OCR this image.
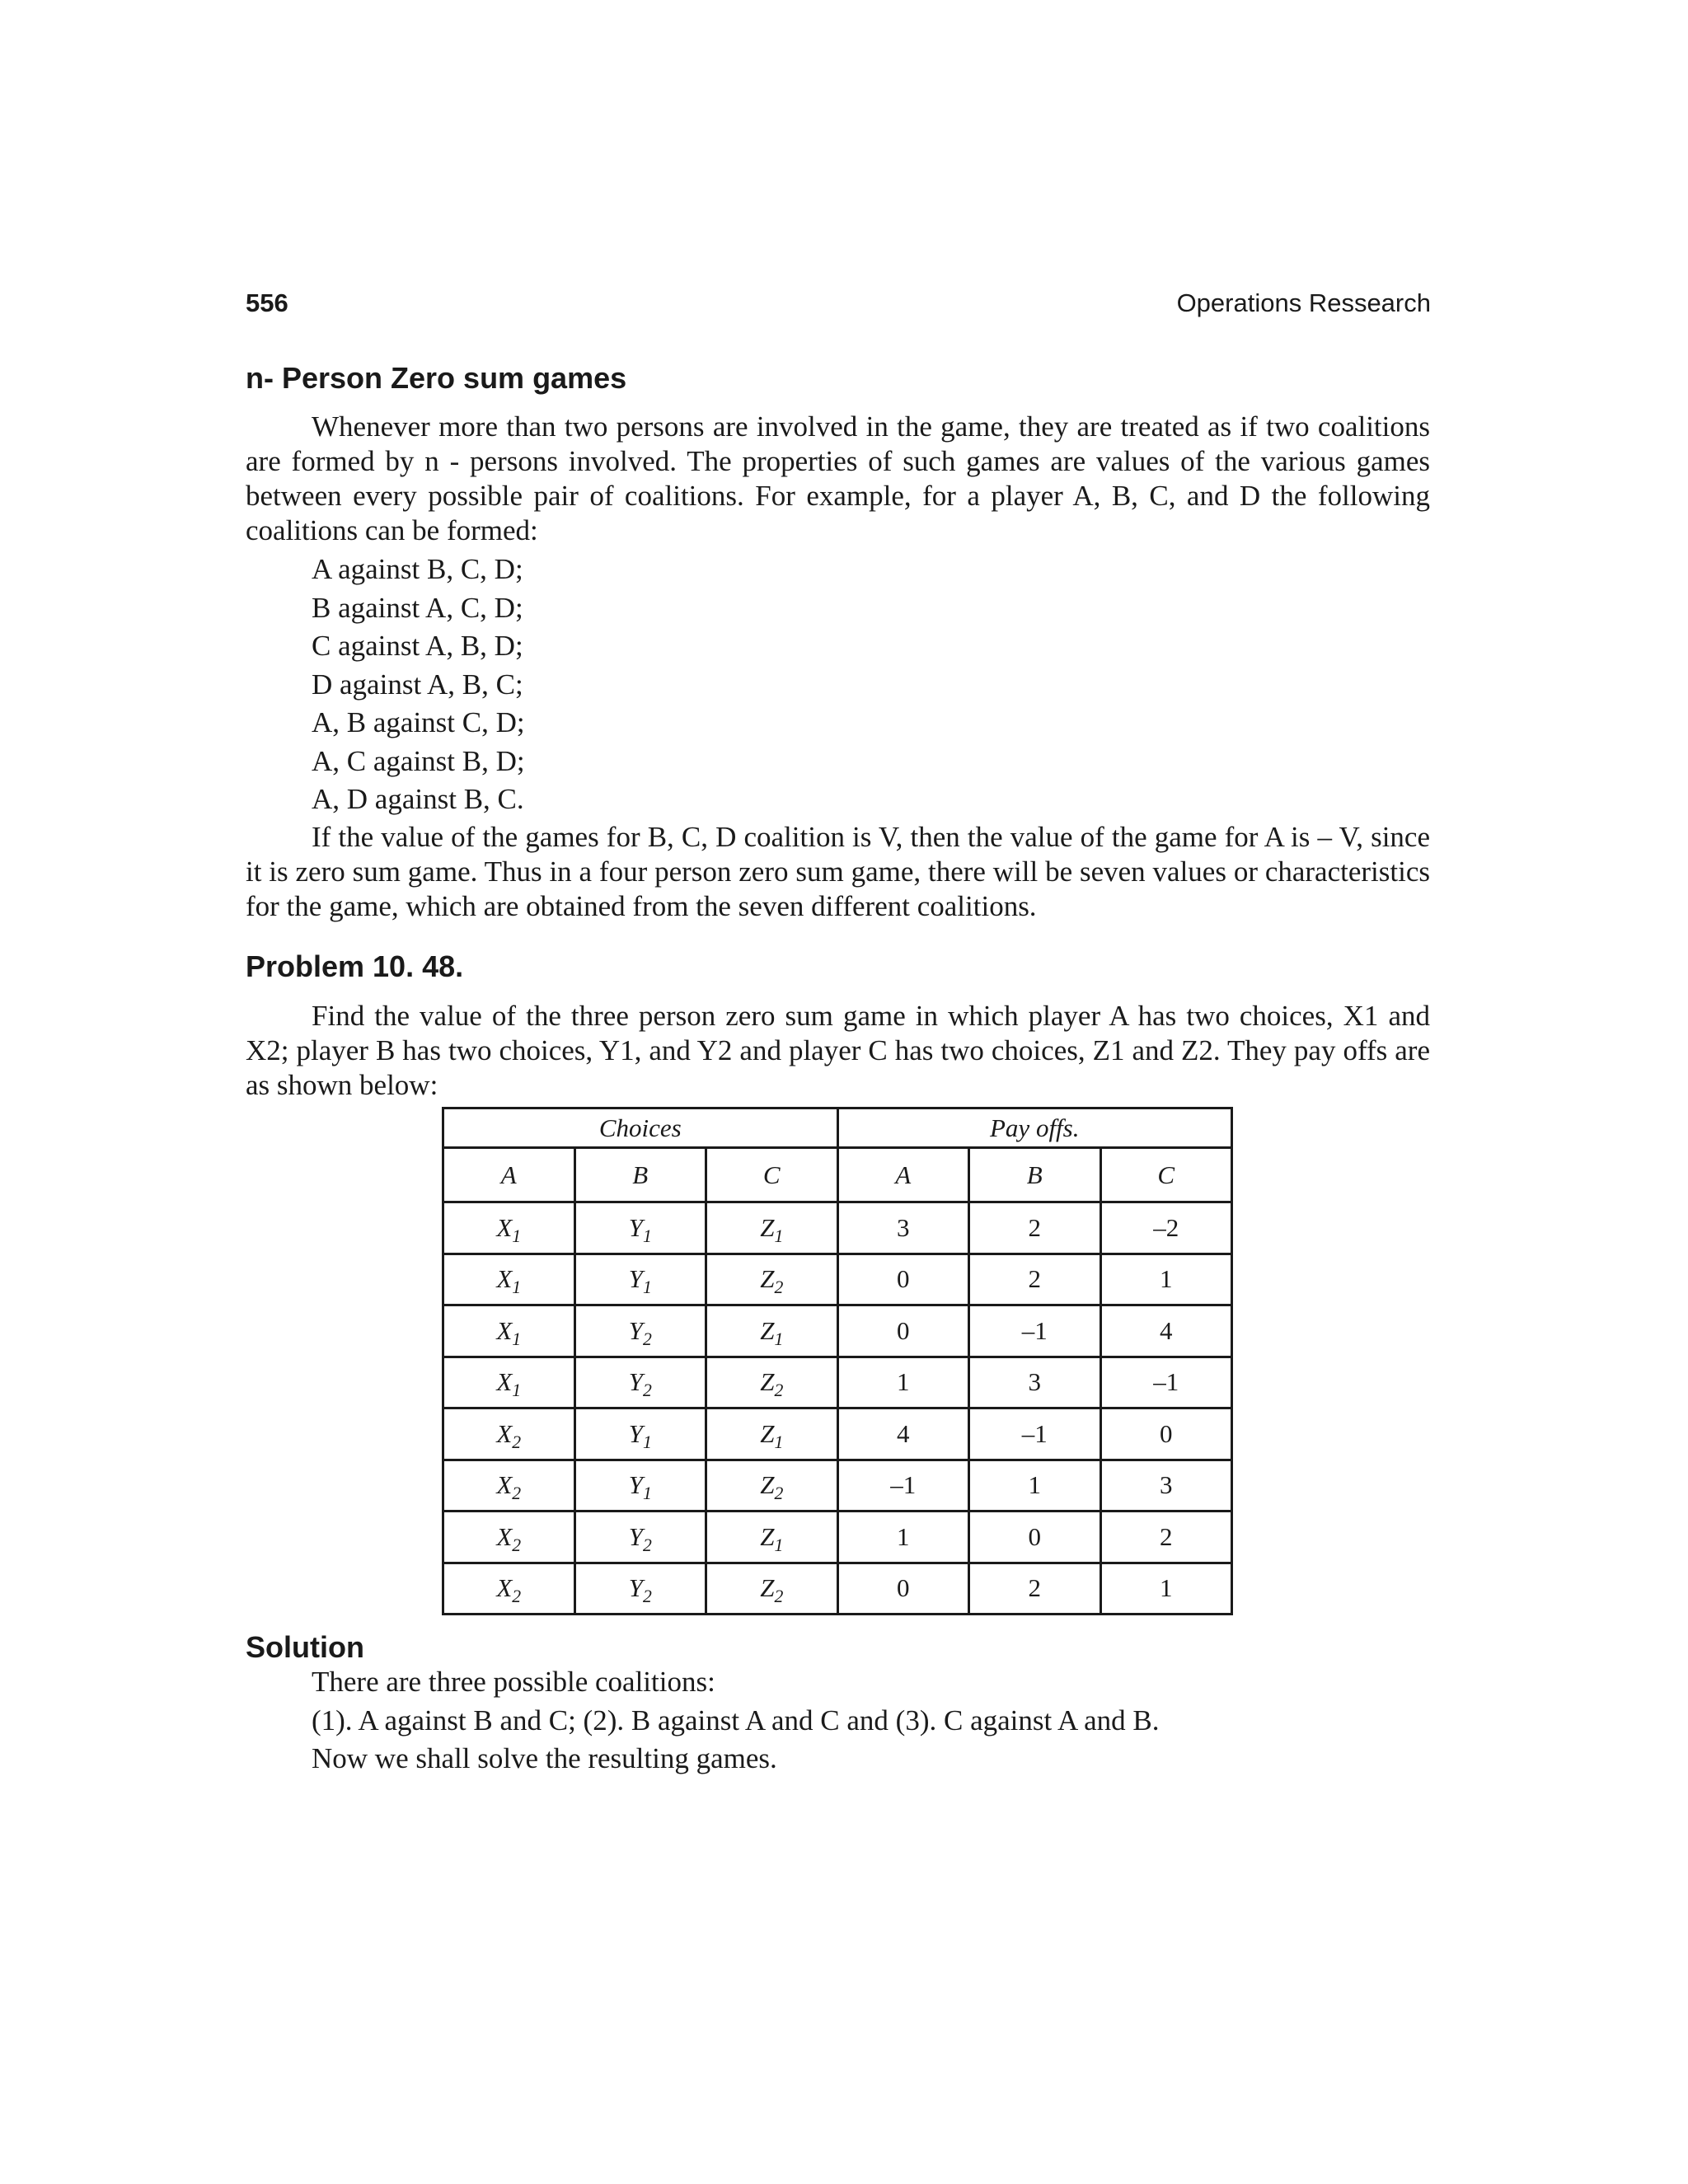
556	Operations Ressearch
n- Person Zero sum games

Whenever more than two persons are involved in the game, they are treated as if two coalitions are formed by n - persons involved. The properties of such games are values of the various games between every possible pair of coalitions. For example, for a player A, B, C, and D the following coalitions can be formed:

A against B, C, D;
B against A, C, D;
C against A, B, D;
D against A, B, C;
A, B against C, D;
A, C against B, D;
A, D against B, C.

If the value of the games for B, C, D coalition is V, then the value of the game for A is – V, since it is zero sum game. Thus in a four person zero sum game, there will be seven values or characteristics for the game, which are obtained from the seven different coalitions.

Problem 10. 48.

Find the value of the three person zero sum game in which player A has two choices, X1 and X2; player B has two choices, Y1, and Y2 and player C has two choices, Z1 and Z2. They pay offs are as shown below:

Choices			Pay offs.		
A	B	C	A	B	C
$X_1$	$Y_1$	$Z_1$	3	2	–2
$X_1$	$Y_1$	$Z_2$	0	2	1
$X_1$	$Y_2$	$Z_1$	0	–1	4
$X_1$	$Y_2$	$Z_2$	1	3	–1
$X_2$	$Y_1$	$Z_1$	4	–1	0
$X_2$	$Y_1$	$Z_2$	–1	1	3
$X_2$	$Y_2$	$Z_1$	1	0	2
$X_2$	$Y_2$	$Z_2$	0	2	1
Solution
There are three possible coalitions:
(1). A against B and C; (2). B against A and C and (3). C against A and B.
Now we shall solve the resulting games.
